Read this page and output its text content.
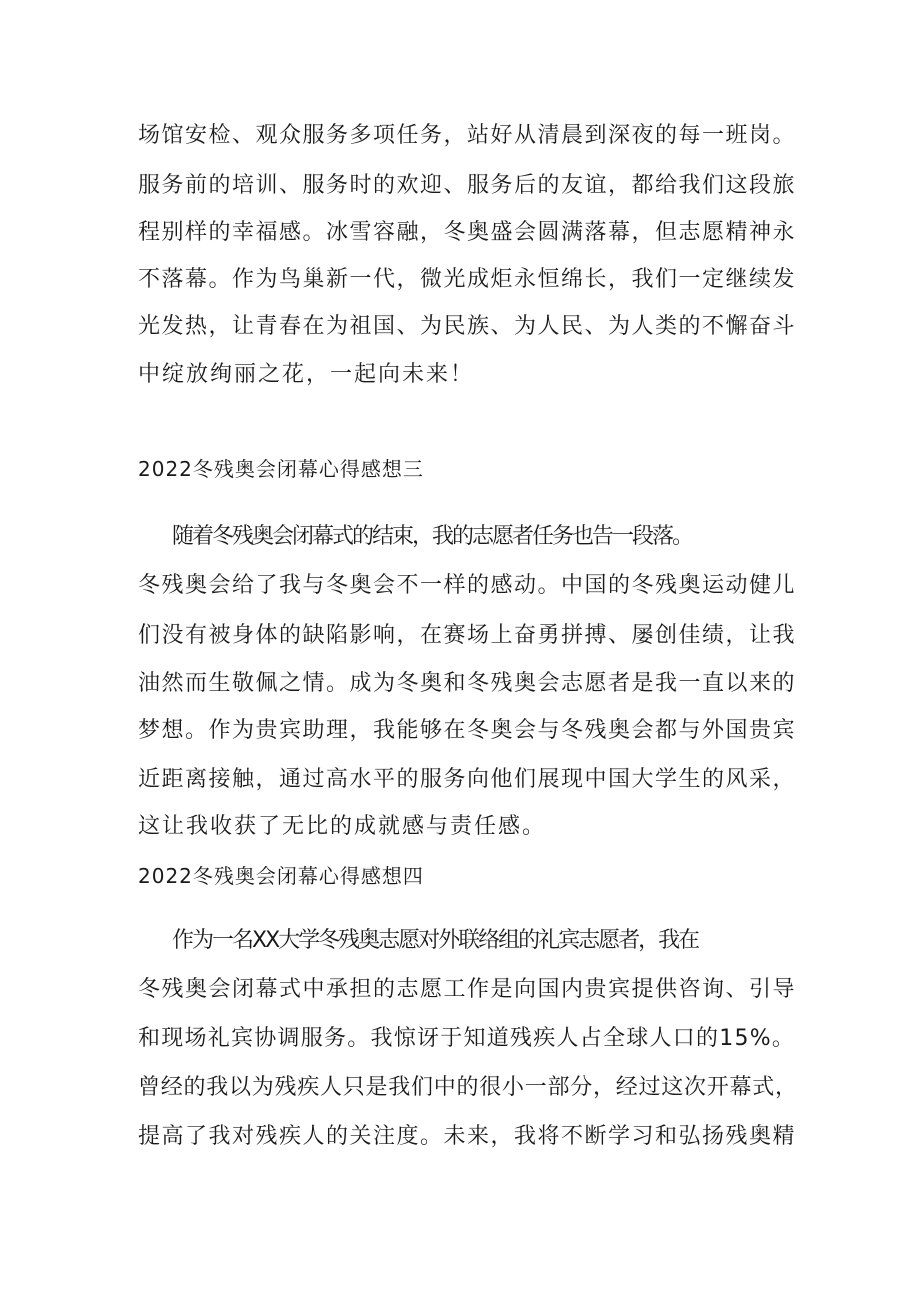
场馆安检、观众服务多项任务，站好从清晨到深夜的每一班岗。
服务前的培训、服务时的欢迎、服务后的友谊，都给我们这段旅
程别样的幸福感。冰雪容融，冬奥盛会圆满落幕，但志愿精神永
不落幕。作为鸟巢新一代，微光成炬永恒绵长，我们一定继续发
光发热，让青春在为祖国、为民族、为人民、为人类的不懈奋斗
中绽放绚丽之花，一起向未来！
2022冬残奥会闭幕心得感想三
随着冬残奥会闭幕式的结束，我的志愿者任务也告一段落。
冬残奥会给了我与冬奥会不一样的感动。中国的冬残奥运动健儿
们没有被身体的缺陷影响，在赛场上奋勇拼搏、屡创佳绩，让我
油然而生敬佩之情。成为冬奥和冬残奥会志愿者是我一直以来的
梦想。作为贵宾助理，我能够在冬奥会与冬残奥会都与外国贵宾
近距离接触，通过高水平的服务向他们展现中国大学生的风采，
这让我收获了无比的成就感与责任感。
2022冬残奥会闭幕心得感想四
作为一名XX大学冬残奥志愿对外联络组的礼宾志愿者，我在
冬残奥会闭幕式中承担的志愿工作是向国内贵宾提供咨询、引导
和现场礼宾协调服务。我惊讶于知道残疾人占全球人口的15%。
曾经的我以为残疾人只是我们中的很小一部分，经过这次开幕式，
提高了我对残疾人的关注度。未来，我将不断学习和弘扬残奥精
